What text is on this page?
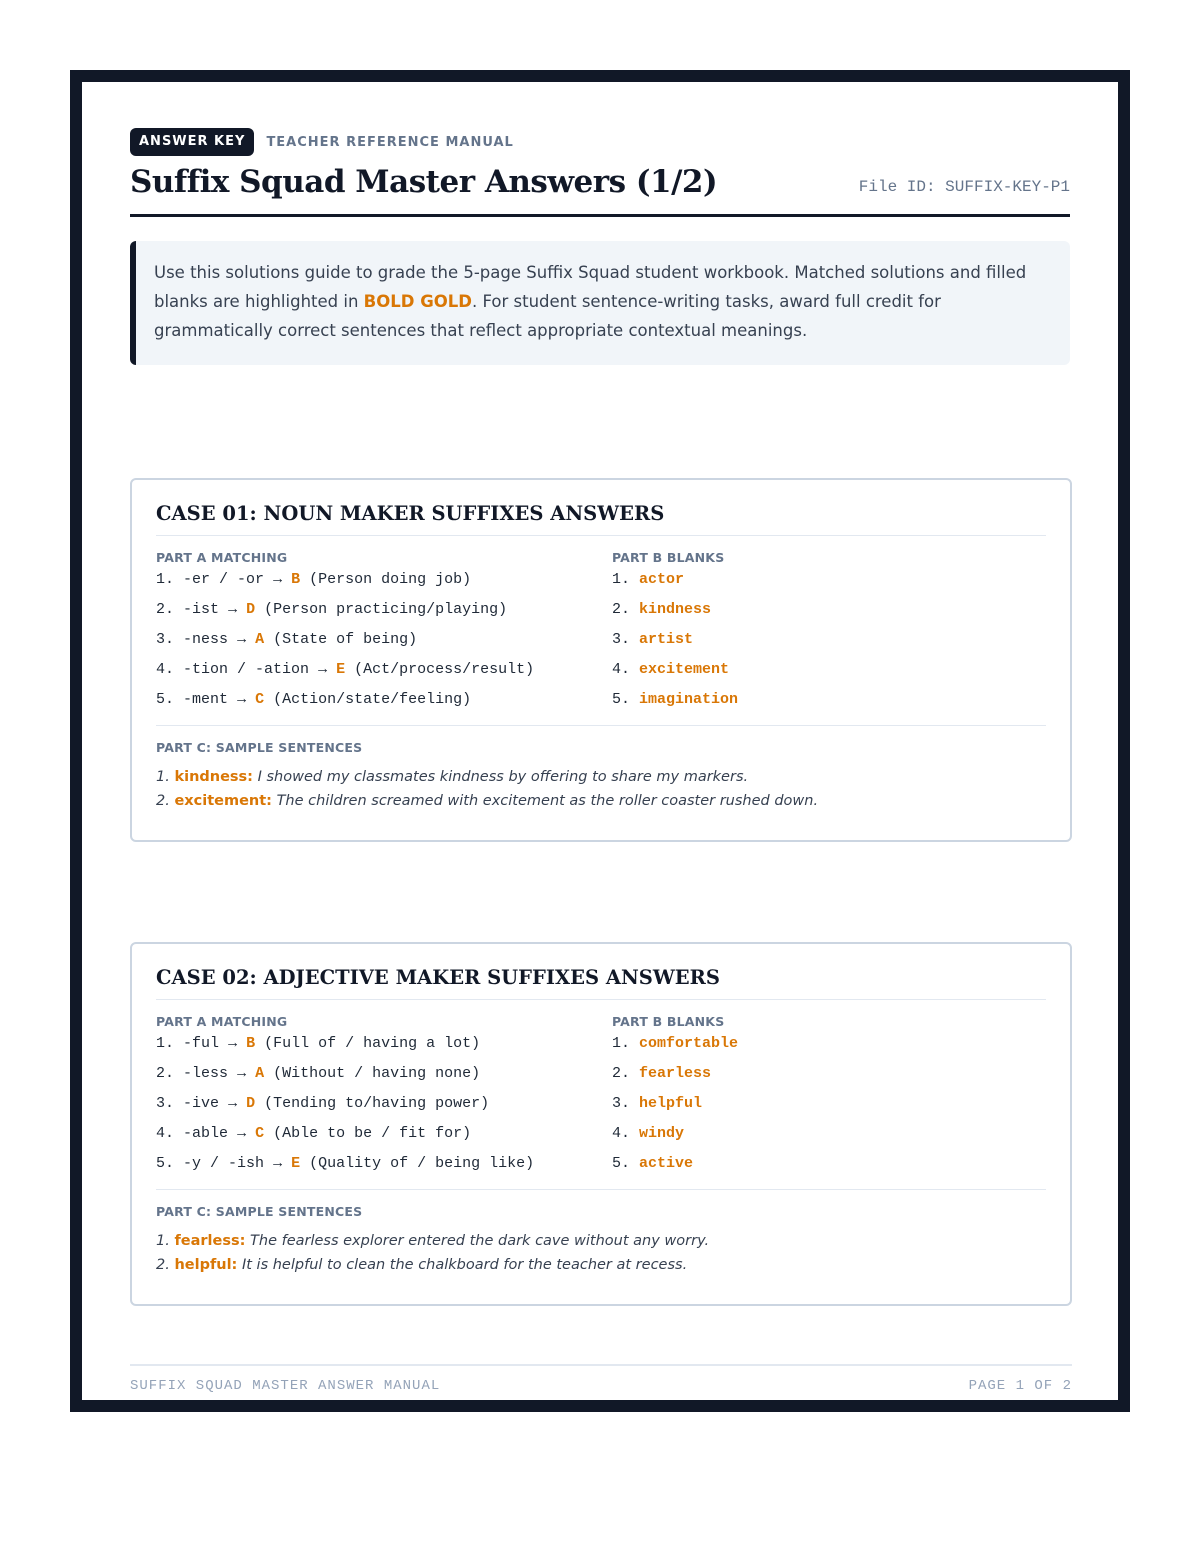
ANSWER KEY	TEACHER REFERENCE MANUAL
Suffix Squad Master Answers (1/2)	File ID: SUFFIX-KEY-P1
Use this solutions guide to grade the 5-page Suffix Squad student workbook. Matched solutions and filled blanks are highlighted in BOLD GOLD. For student sentence-writing tasks, award full credit for grammatically correct sentences that reflect appropriate contextual meanings.
CASE 01: NOUN MAKER SUFFIXES ANSWERS
PART A MATCHING
1. -er / -or → B (Person doing job)
2. -ist → D (Person practicing/playing)
3. -ness → A (State of being)
4. -tion / -ation → E (Act/process/result)
5. -ment → C (Action/state/feeling)
PART B BLANKS
1. actor
2. kindness
3. artist
4. excitement
5. imagination
PART C: SAMPLE SENTENCES
1. kindness: I showed my classmates kindness by offering to share my markers.
2. excitement: The children screamed with excitement as the roller coaster rushed down.
CASE 02: ADJECTIVE MAKER SUFFIXES ANSWERS
PART A MATCHING
1. -ful → B (Full of / having a lot)
2. -less → A (Without / having none)
3. -ive → D (Tending to/having power)
4. -able → C (Able to be / fit for)
5. -y / -ish → E (Quality of / being like)
PART B BLANKS
1. comfortable
2. fearless
3. helpful
4. windy
5. active
PART C: SAMPLE SENTENCES
1. fearless: The fearless explorer entered the dark cave without any worry.
2. helpful: It is helpful to clean the chalkboard for the teacher at recess.
SUFFIX SQUAD MASTER ANSWER MANUAL	PAGE 1 OF 2
